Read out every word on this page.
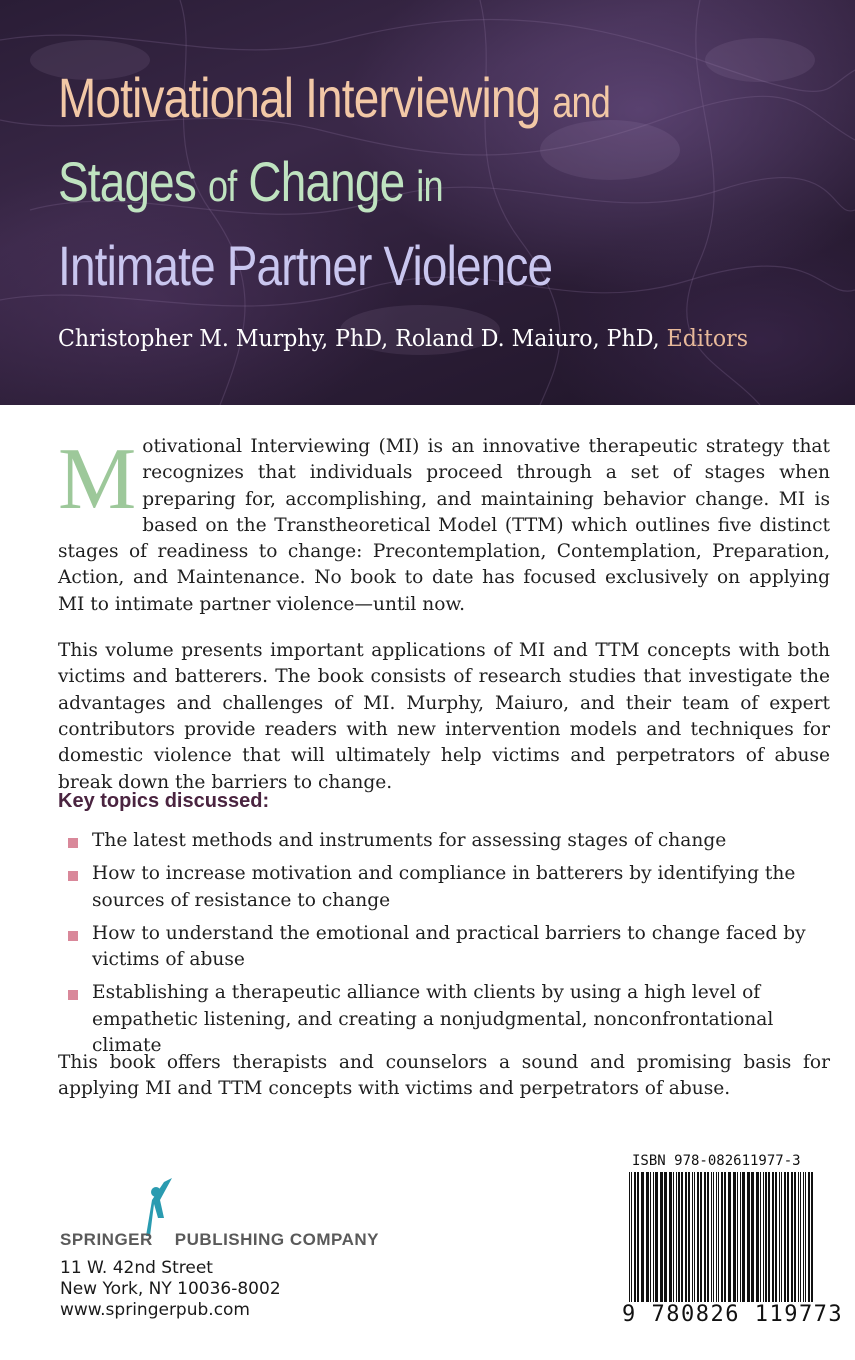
Motivational Interviewing and
Stages of Change in
Intimate Partner Violence
Christopher M. Murphy, PhD, Roland D. Maiuro, PhD, Editors

Motivational Interviewing (MI) is an innovative therapeutic strategy that recognizes that individuals proceed through a set of stages when preparing for, accomplishing, and maintaining behavior change. MI is based on the Transtheoretical Model (TTM) which outlines five distinct stages of readiness to change: Precontemplation, Contemplation, Preparation, Action, and Maintenance. No book to date has focused exclusively on applying MI to intimate partner violence—until now.

This volume presents important applications of MI and TTM concepts with both victims and batterers. The book consists of research studies that investigate the advantages and challenges of MI. Murphy, Maiuro, and their team of expert contributors provide readers with new intervention models and techniques for domestic violence that will ultimately help victims and perpetrators of abuse break down the barriers to change.

Key topics discussed:
The latest methods and instruments for assessing stages of change
How to increase motivation and compliance in batterers by identifying the sources of resistance to change
How to understand the emotional and practical barriers to change faced by victims of abuse
Establishing a therapeutic alliance with clients by using a high level of empathetic listening, and creating a nonjudgmental, nonconfrontational climate

This book offers therapists and counselors a sound and promising basis for applying MI and TTM concepts with victims and perpetrators of abuse.

SPRINGER PUBLISHING COMPANY
11 W. 42nd Street
New York, NY 10036-8002
www.springerpub.com
ISBN 978-082611977-3
9 780826 119773
